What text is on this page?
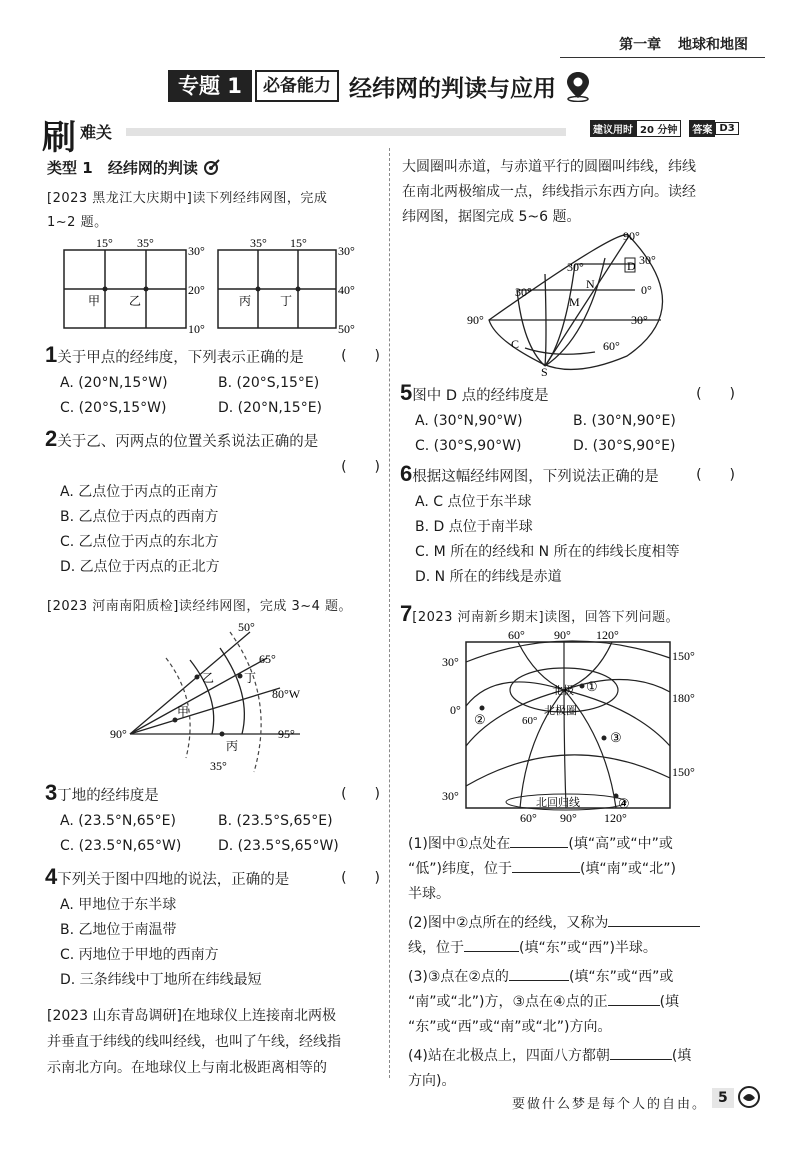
第一章 地球和地图
专题 1	必备能力 经纬网的判读与应用
刷 难关	建议用时 20 分钟	答案 D3
类型 1 经纬网的判读
[2023 黑龙江大庆期中]读下列经纬网图，完成
1~2 题。
15° 35°
30°
20°
10°
甲 乙
35° 15°
30°
40°
50°
丙 丁
1关于甲点的经纬度，下列表示正确的是	(　　)
A. (20°N,15°W)	B. (20°S,15°E)
C. (20°S,15°W)	D. (20°N,15°E)
2关于乙、丙两点的位置关系说法正确的是
(　　)
A. 乙点位于丙点的正南方
B. 乙点位于丙点的西南方
C. 乙点位于丙点的东北方
D. 乙点位于丙点的正北方
[2023 河南南阳质检]读经纬网图，完成 3~4 题。
50°
65°
80°W
95°
90°
35°
乙 丁
甲
丙
3丁地的经纬度是	(　　)
A. (23.5°N,65°E)	B. (23.5°S,65°E)
C. (23.5°N,65°W)	D. (23.5°S,65°W)
4下列关于图中四地的说法，正确的是	(　　)
A. 甲地位于东半球
B. 乙地位于南温带
C. 丙地位于甲地的西南方
D. 三条纬线中丁地所在纬线最短
[2023 山东青岛调研]在地球仪上连接南北两极
并垂直于纬线的线叫经线，也叫了午线，经线指
示南北方向。在地球仪上与南北极距离相等的
大圆圈叫赤道，与赤道平行的圆圈叫纬线，纬线
在南北两极缩成一点，纬线指示东西方向。读经
纬网图，据图完成 5~6 题。
90°
30°
30°	0°
30°
90°	30°
60°
D
N
M
C
S
5图中 D 点的经纬度是	(　　)
A. (30°N,90°W)	B. (30°N,90°E)
C. (30°S,90°W)	D. (30°S,90°E)
6根据这幅经纬网图，下列说法正确的是	(　　)
A. C 点位于东半球
B. D 点位于南半球
C. M 所在的经线和 N 所在的纬线长度相等
D. N 所在的纬线是赤道
7[2023 河南新乡期末]读图，回答下列问题。
60° 90° 120°
60° 90° 120°
30°
0°
30°
150°
180°
150°
60°
北极圈
北回归线
北极 ①
②
③
④
(1)图中①点处在	(填“高”或“中”或
“低”)纬度，位于	(填“南”或“北”)
半球。
(2)图中②点所在的经线，又称为
线，位于	(填“东”或“西”)半球。
(3)③点在②点的	(填“东”或“西”或
“南”或“北”)方，③点在④点的正	(填
“东”或“西”或“南”或“北”)方向。
(4)站在北极点上，四面八方都朝	(填
方向)。
要做什么梦是每个人的自由。 5
